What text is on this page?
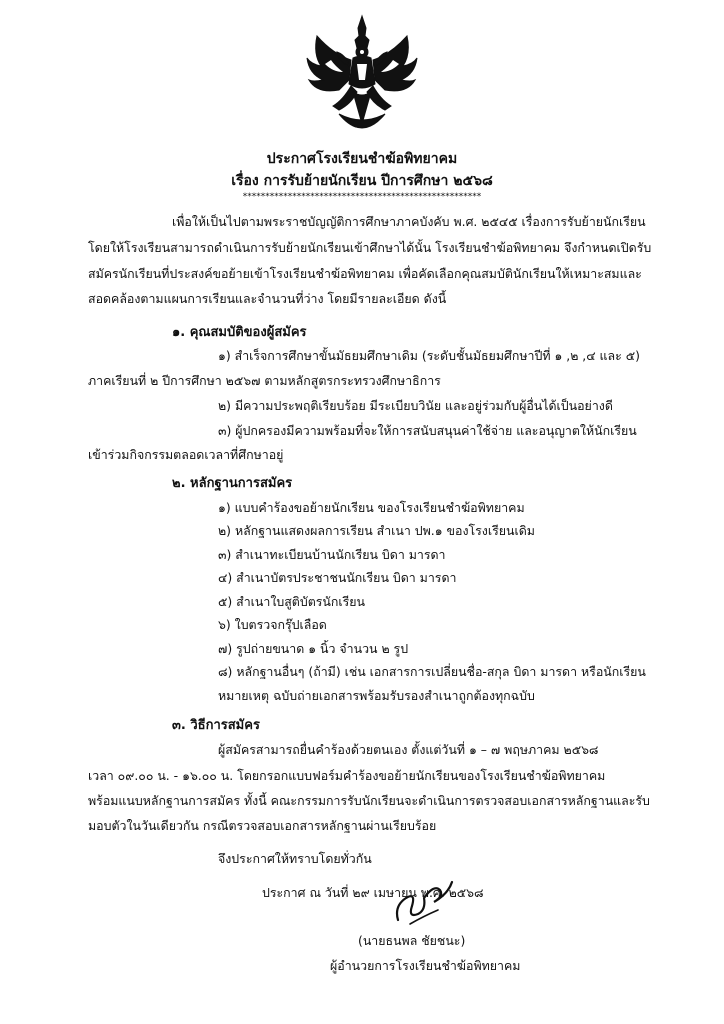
ประกาศโรงเรียนชำฆ้อพิทยาคม
เรื่อง การรับย้ายนักเรียน ปีการศึกษา ๒๕๖๘
*****************************************************
เพื่อให้เป็นไปตามพระราชบัญญัติการศึกษาภาคบังคับ พ.ศ. ๒๕๔๕ เรื่องการรับย้ายนักเรียน
โดยให้โรงเรียนสามารถดำเนินการรับย้ายนักเรียนเข้าศึกษาได้นั้น โรงเรียนชำฆ้อพิทยาคม จึงกำหนดเปิดรับ
สมัครนักเรียนที่ประสงค์ขอย้ายเข้าโรงเรียนชำฆ้อพิทยาคม เพื่อคัดเลือกคุณสมบัตินักเรียนให้เหมาะสมและ
สอดคล้องตามแผนการเรียนและจำนวนที่ว่าง โดยมีรายละเอียด ดังนี้
๑. คุณสมบัติของผู้สมัคร
๑) สำเร็จการศึกษาขั้นมัธยมศึกษาเดิม (ระดับชั้นมัธยมศึกษาปีที่ ๑ ,๒ ,๔ และ ๕)
ภาคเรียนที่ ๒ ปีการศึกษา ๒๕๖๗ ตามหลักสูตรกระทรวงศึกษาธิการ
๒) มีความประพฤติเรียบร้อย มีระเบียบวินัย และอยู่ร่วมกับผู้อื่นได้เป็นอย่างดี
๓) ผู้ปกครองมีความพร้อมที่จะให้การสนับสนุนค่าใช้จ่าย และอนุญาตให้นักเรียน
เข้าร่วมกิจกรรมตลอดเวลาที่ศึกษาอยู่
๒. หลักฐานการสมัคร
๑) แบบคำร้องขอย้ายนักเรียน ของโรงเรียนชำฆ้อพิทยาคม
๒) หลักฐานแสดงผลการเรียน สำเนา ปพ.๑ ของโรงเรียนเดิม
๓) สำเนาทะเบียนบ้านนักเรียน บิดา มารดา
๔) สำเนาบัตรประชาชนนักเรียน บิดา มารดา
๕) สำเนาใบสูติบัตรนักเรียน
๖) ใบตรวจกรุ๊ปเลือด
๗) รูปถ่ายขนาด ๑ นิ้ว จำนวน ๒ รูป
๘) หลักฐานอื่นๆ (ถ้ามี) เช่น เอกสารการเปลี่ยนชื่อ-สกุล บิดา มารดา หรือนักเรียน
หมายเหตุ ฉบับถ่ายเอกสารพร้อมรับรองสำเนาถูกต้องทุกฉบับ
๓. วิธีการสมัคร
ผู้สมัครสามารถยื่นคำร้องด้วยตนเอง ตั้งแต่วันที่ ๑ – ๗ พฤษภาคม ๒๕๖๘
เวลา ๐๙.๐๐ น. - ๑๖.๐๐ น. โดยกรอกแบบฟอร์มคำร้องขอย้ายนักเรียนของโรงเรียนชำฆ้อพิทยาคม
พร้อมแนบหลักฐานการสมัคร ทั้งนี้ คณะกรรมการรับนักเรียนจะดำเนินการตรวจสอบเอกสารหลักฐานและรับ
มอบตัวในวันเดียวกัน กรณีตรวจสอบเอกสารหลักฐานผ่านเรียบร้อย
จึงประกาศให้ทราบโดยทั่วกัน
ประกาศ ณ วันที่ ๒๙ เมษายน พ.ศ. ๒๕๖๘
(นายธนพล ชัยชนะ)
ผู้อำนวยการโรงเรียนชำฆ้อพิทยาคม
